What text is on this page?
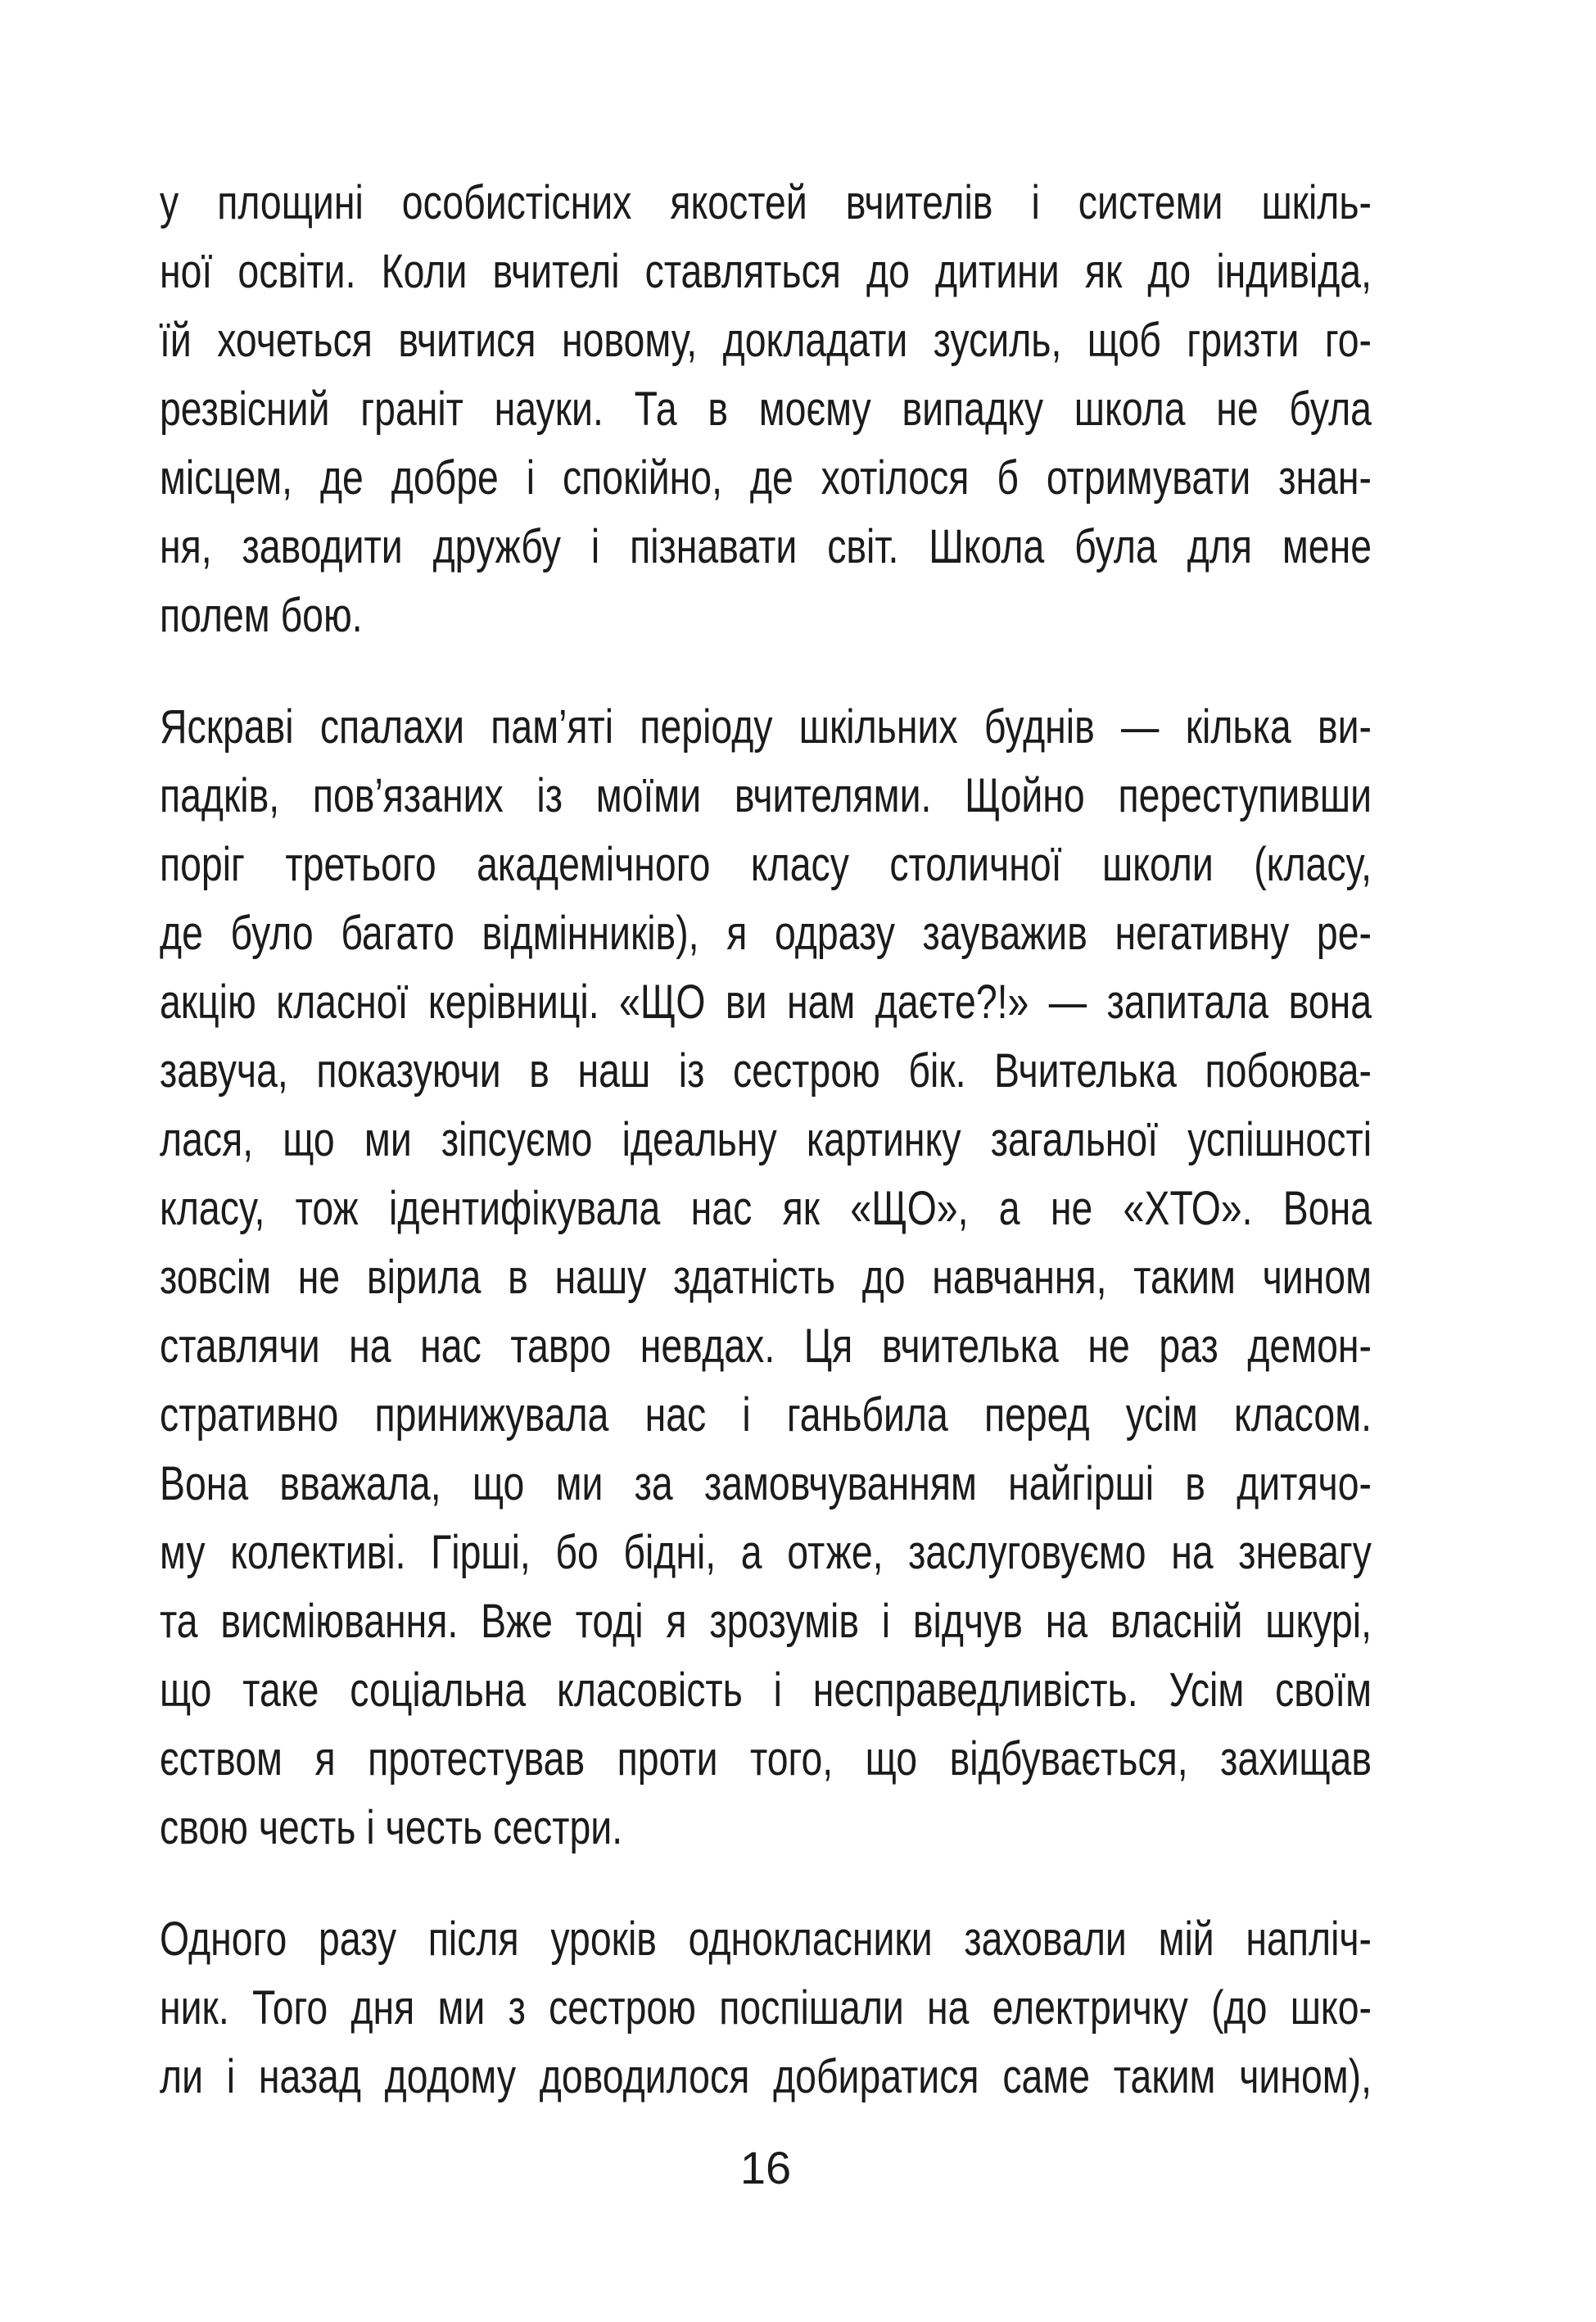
у площині особистісних якостей вчителів і системи шкіль-
ної освіти. Коли вчителі ставляться до дитини як до індивіда,
їй хочеться вчитися новому, докладати зусиль, щоб гризти го-
резвісний граніт науки. Та в моєму випадку школа не була
місцем, де добре і спокійно, де хотілося б отримувати знан-
ня, заводити дружбу і пізнавати світ. Школа була для мене
полем бою.
Яскраві спалахи пам’яті періоду шкільних буднів — кілька ви-
падків, пов’язаних із моїми вчителями. Щойно переступивши
поріг третього академічного класу столичної школи (класу,
де було багато відмінників), я одразу зауважив негативну ре-
акцію класної керівниці. «ЩО ви нам даєте?!» — запитала вона
завуча, показуючи в наш із сестрою бік. Вчителька побоюва-
лася, що ми зіпсуємо ідеальну картинку загальної успішності
класу, тож ідентифікувала нас як «ЩО», а не «ХТО». Вона
зовсім не вірила в нашу здатність до навчання, таким чином
ставлячи на нас тавро невдах. Ця вчителька не раз демон-
стративно принижувала нас і ганьбила перед усім класом.
Вона вважала, що ми за замовчуванням найгірші в дитячо-
му колективі. Гірші, бо бідні, а отже, заслуговуємо на зневагу
та висміювання. Вже тоді я зрозумів і відчув на власній шкурі,
що таке соціальна класовість і несправедливість. Усім своїм
єством я протестував проти того, що відбувається, захищав
свою честь і честь сестри.
Одного разу після уроків однокласники заховали мій напліч-
ник. Того дня ми з сестрою поспішали на електричку (до шко-
ли і назад додому доводилося добиратися саме таким чином),
16
